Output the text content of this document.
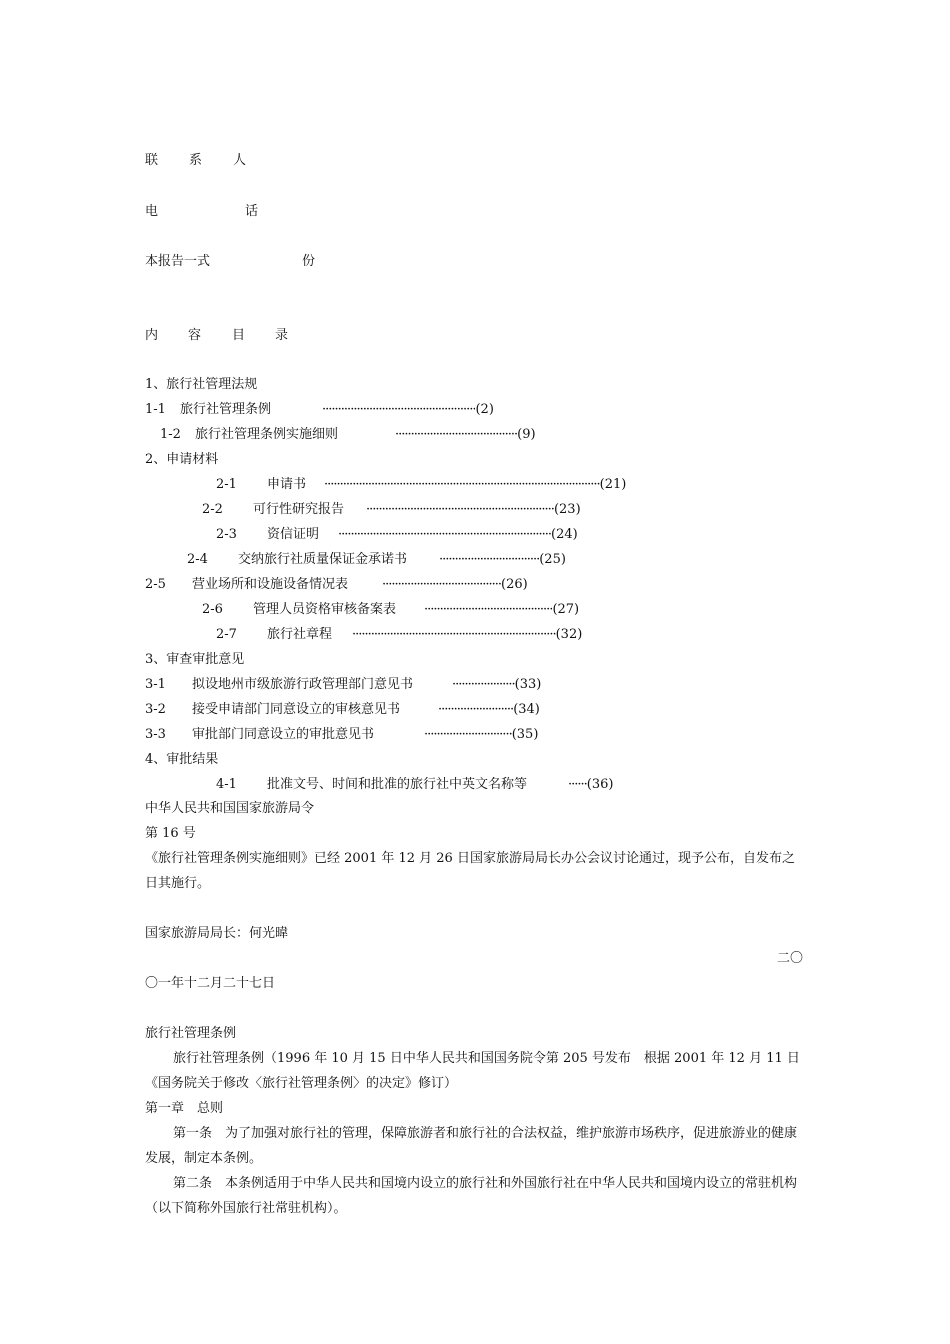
联 系 人
电	话
本报告一式	份
内 容 目 录
1、旅行社管理法规
1-1 旅行社管理条例	·················································(2)
1-2 旅行社管理条例实施细则	·······································(9)
2、申请材料
2-1 申请书 ························································································(21)
2-2 可行性研究报告 ····························································(23)
2-3 资信证明 ····································································(24)
2-4 交纳旅行社质量保证金承诺书 ································(25)
2-5 营业场所和设施设备情况表	······································(26)
2-6 管理人员资格审核备案表 ·········································(27)
2-7 旅行社章程 ·································································(32)
3、审查审批意见
3-1 拟设地州市级旅游行政管理部门意见书	····················(33)
3-2 接受申请部门同意设立的审核意见书	························(34)
3-3 审批部门同意设立的审批意见书	····························(35)
4、审批结果
4-1 批准文号、时间和批准的旅行社中英文名称等	······(36)
中华人民共和国国家旅游局令
第 16 号
《旅行社管理条例实施细则》已经 2001 年 12 月 26 日国家旅游局局长办公会议讨论通过，现予公布，自发布之日其施行。
国家旅游局局长：何光暐
二〇
〇一年十二月二十七日
旅行社管理条例
旅行社管理条例（1996 年 10 月 15 日中华人民共和国国务院令第 205 号发布　根据 2001 年 12 月 11 日《国务院关于修改〈旅行社管理条例〉的决定》修订）
第一章　总则
第一条　为了加强对旅行社的管理，保障旅游者和旅行社的合法权益，维护旅游市场秩序，促进旅游业的健康发展，制定本条例。
第二条　本条例适用于中华人民共和国境内设立的旅行社和外国旅行社在中华人民共和国境内设立的常驻机构（以下简称外国旅行社常驻机构）。
